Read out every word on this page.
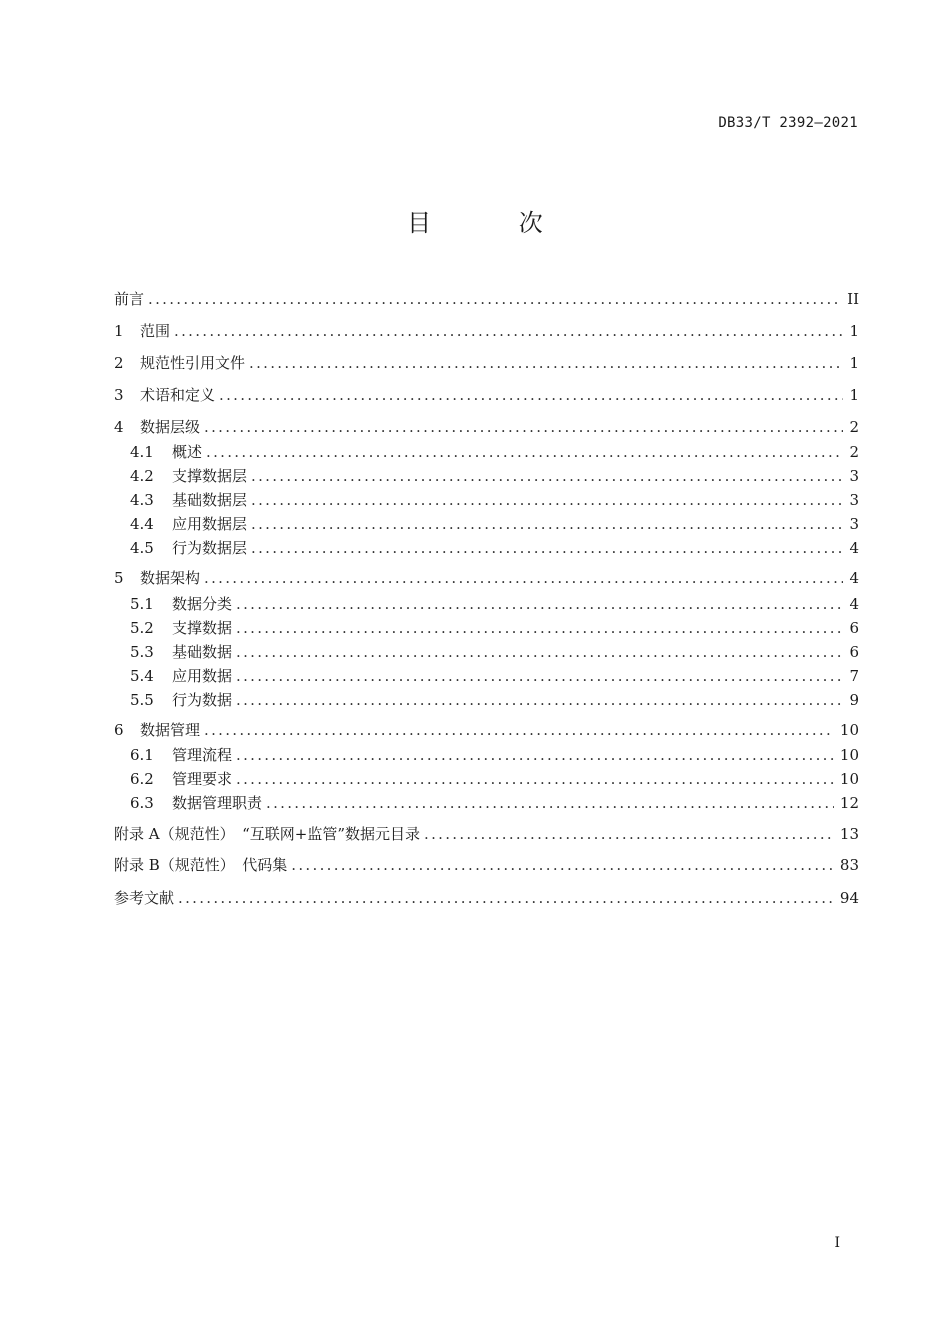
DB33/T 2392—2021
目 次
前言 .....	II
1	范围 .....	1
2	规范性引用文件 .....	1
3	术语和定义 .....	1
4	数据层级 .....	2
4.1	概述 .....	2
4.2	支撑数据层 .....	3
4.3	基础数据层 .....	3
4.4	应用数据层 .....	3
4.5	行为数据层 .....	4
5	数据架构 .....	4
5.1	数据分类 .....	4
5.2	支撑数据 .....	6
5.3	基础数据 .....	6
5.4	应用数据 .....	7
5.5	行为数据 .....	9
6	数据管理 .....	10
6.1	管理流程 .....	10
6.2	管理要求 .....	10
6.3	数据管理职责 .....	12
附录 A（规范性）　“互联网+监管”数据元目录 .....	13
附录 B（规范性）　代码集 .....	83
参考文献 .....	94
I
